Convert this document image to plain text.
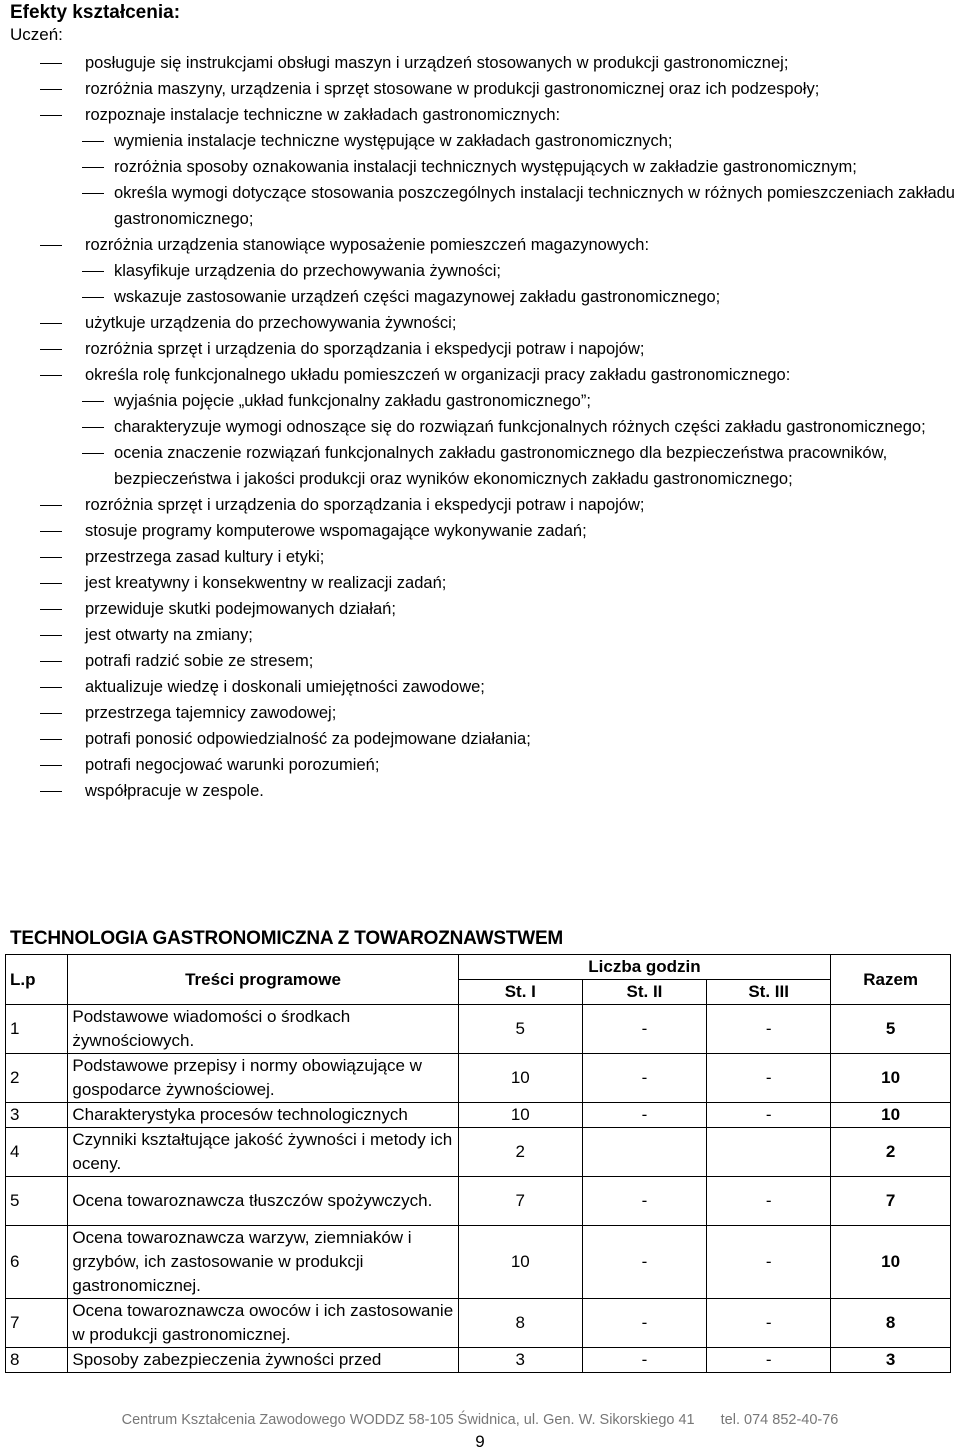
Efekty kształcenia:
Uczeń:
posługuje się instrukcjami obsługi maszyn i urządzeń stosowanych w produkcji gastronomicznej;
rozróżnia maszyny, urządzenia i sprzęt stosowane w produkcji gastronomicznej oraz ich podzespoły;
rozpoznaje instalacje techniczne w zakładach gastronomicznych:
wymienia instalacje techniczne występujące w zakładach gastronomicznych;
rozróżnia sposoby oznakowania instalacji technicznych występujących w zakładzie gastronomicznym;
określa wymogi dotyczące stosowania poszczególnych instalacji technicznych w różnych pomieszczeniach zakładu gastronomicznego;
rozróżnia urządzenia stanowiące wyposażenie pomieszczeń magazynowych:
klasyfikuje urządzenia do przechowywania żywności;
wskazuje zastosowanie urządzeń części magazynowej zakładu gastronomicznego;
użytkuje urządzenia do przechowywania żywności;
rozróżnia sprzęt i urządzenia do sporządzania i ekspedycji potraw i napojów;
określa rolę funkcjonalnego układu pomieszczeń w organizacji pracy zakładu gastronomicznego:
wyjaśnia pojęcie „układ funkcjonalny zakładu gastronomicznego”;
charakteryzuje wymogi odnoszące się do rozwiązań funkcjonalnych różnych części zakładu gastronomicznego;
ocenia znaczenie rozwiązań funkcjonalnych zakładu gastronomicznego dla bezpieczeństwa pracowników, bezpieczeństwa i jakości produkcji oraz wyników ekonomicznych zakładu gastronomicznego;
rozróżnia sprzęt i urządzenia do sporządzania i ekspedycji potraw i napojów;
stosuje programy komputerowe wspomagające wykonywanie zadań;
przestrzega zasad kultury i etyki;
jest kreatywny i konsekwentny w realizacji zadań;
przewiduje skutki podejmowanych działań;
jest otwarty na zmiany;
potrafi radzić sobie ze stresem;
aktualizuje wiedzę i doskonali umiejętności zawodowe;
przestrzega tajemnicy zawodowej;
potrafi ponosić odpowiedzialność za podejmowane działania;
potrafi negocjować warunki porozumień;
współpracuje w zespole.
TECHNOLOGIA GASTRONOMICZNA Z TOWAROZNAWSTWEM
L.p	Treści programowe	Liczba godzin			Razem
		St. I	St. II	St. III	
1	Podstawowe wiadomości o środkach żywnościowych.	5	-	-	5
2	Podstawowe przepisy i normy obowiązujące w gospodarce żywnościowej.	10	-	-	10
3	Charakterystyka procesów technologicznych	10	-	-	10
4	Czynniki kształtujące jakość żywności i metody ich oceny.	2			2
5	Ocena towaroznawcza tłuszczów spożywczych.	7	-	-	7
6	Ocena towaroznawcza warzyw, ziemniaków i grzybów, ich zastosowanie w produkcji gastronomicznej.	10	-	-	10
7	Ocena towaroznawcza owoców i ich zastosowanie w produkcji gastronomicznej.	8	-	-	8
8	Sposoby zabezpieczenia żywności przed	3	-	-	3
Centrum Kształcenia Zawodowego WODDZ 58-105 Świdnica, ul. Gen. W. Sikorskiego 41 tel. 074 852-40-76
9
